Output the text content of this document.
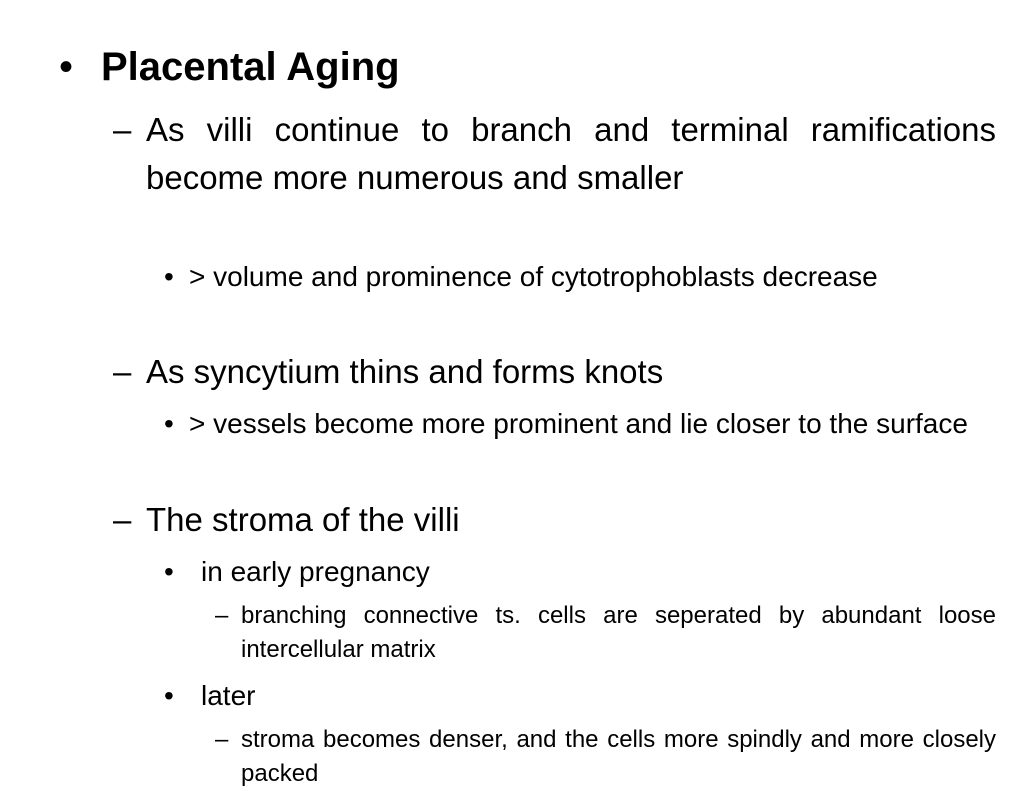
• Placental Aging
– As villi continue to branch and terminal ramifications become more numerous and smaller
• > volume and prominence of cytotrophoblasts decrease
– As syncytium thins and forms knots
• > vessels become more prominent and lie closer to the surface
– The stroma of the villi
• in early pregnancy
– branching connective ts. cells are seperated by abundant loose intercellular matrix
• later
– stroma becomes denser, and the cells more spindly and more closely packed
